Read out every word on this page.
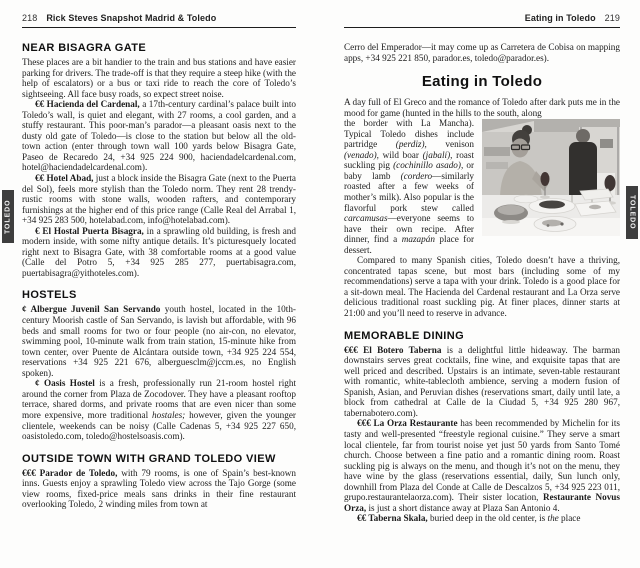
218 Rick Steves Snapshot Madrid & Toledo
NEAR BISAGRA GATE

These places are a bit handier to the train and bus stations and have easier parking for drivers. The trade-off is that they require a steep hike (with the help of escalators) or a bus or taxi ride to reach the core of Toledo’s sightseeing. All face busy roads, so expect street noise.

€€ Hacienda del Cardenal, a 17th-century cardinal’s palace built into Toledo’s wall, is quiet and elegant, with 27 rooms, a cool garden, and a stuffy restaurant. This poor-man’s parador—a pleasant oasis next to the dusty old gate of Toledo—is close to the station but below all the old-town action (enter through town wall 100 yards below Bisagra Gate, Paseo de Recaredo 24, +34 925 224 900, haciendadelcardenal.com, hotel@haciendadelcardenal.com).

€€ Hotel Abad, just a block inside the Bisagra Gate (next to the Puerta del Sol), feels more stylish than the Toledo norm. They rent 28 trendy-rustic rooms with stone walls, wooden rafters, and contemporary furnishings at the higher end of this price range (Calle Real del Arrabal 1, +34 925 283 500, hotelabad.com, info@hotelabad.com).

€ El Hostal Puerta Bisagra, in a sprawling old building, is fresh and modern inside, with some nifty antique details. It’s picturesquely located right next to Bisagra Gate, with 38 comfortable rooms at a good value (Calle del Potro 5, +34 925 285 277, puertabisagra.com, puertabisagra@yithoteles.com).

HOSTELS

¢ Albergue Juvenil San Servando youth hostel, located in the 10th-century Moorish castle of San Servando, is lavish but affordable, with 96 beds and small rooms for two or four people (no air-con, no elevator, swimming pool, 10-minute walk from train station, 15-minute hike from town center, over Puente de Alcántara outside town, +34 925 224 554, reservations +34 925 221 676, alberguesclm@jccm.es, no English spoken).

¢ Oasis Hostel is a fresh, professionally run 21-room hostel right around the corner from Plaza de Zocodover. They have a pleasant rooftop terrace, shared dorms, and private rooms that are even nicer than some more expensive, more traditional hostales; however, given the younger clientele, weekends can be noisy (Calle Cadenas 5, +34 925 227 650, oasistoledo.com, toledo@hostelsoasis.com).

OUTSIDE TOWN WITH GRAND TOLEDO VIEW

€€€ Parador de Toledo, with 79 rooms, is one of Spain’s best-known inns. Guests enjoy a sprawling Toledo view across the Tajo Gorge (some view rooms, fixed-price meals sans drinks in their fine restaurant overlooking Toledo, 2 winding miles from town at

Eating in Toledo 219

Cerro del Emperador—it may come up as Carretera de Cobisa on mapping apps, +34 925 221 850, parador.es, toledo@parador.es).

Eating in Toledo

A day full of El Greco and the romance of Toledo after dark puts me in the mood for game (hunted in the hills to the south, along

the border with La Mancha). Typical Toledo dishes include partridge (perdiz), venison (venado), wild boar (jabalí), roast suckling pig (cochinillo asado), or baby lamb (cordero—similarly roasted after a few weeks of mother’s milk). Also popular is the flavorful pork stew called carcamusas—everyone seems to have their own recipe. After dinner, find a mazapán place for dessert.

Compared to many Spanish cities, Toledo doesn’t have a thriving, concentrated tapas scene, but most bars (including some of my recommendations) serve a tapa with your drink. Toledo is a good place for a sit-down meal. The Hacienda del Cardenal restaurant and La Orza serve delicious traditional roast suckling pig. At finer places, dinner starts at 21:00 and you’ll need to reserve in advance.

MEMORABLE DINING

€€€ El Botero Taberna is a delightful little hideaway. The barman downstairs serves great cocktails, fine wine, and exquisite tapas that are well priced and described. Upstairs is an intimate, seven-table restaurant with romantic, white-tablecloth ambience, serving a modern fusion of Spanish, Asian, and Peruvian dishes (reservations smart, daily until late, a block from cathedral at Calle de la Ciudad 5, +34 925 280 967, tabernabotero.com).

€€€ La Orza Restaurante has been recommended by Michelin for its tasty and well-presented “freestyle regional cuisine.” They serve a smart local clientele, far from tourist noise yet just 50 yards from Santo Tomé church. Choose between a fine patio and a romantic dining room. Roast suckling pig is always on the menu, and though it’s not on the menu, they have wine by the glass (reservations essential, daily, Sun lunch only, downhill from Plaza del Conde at Calle de Descalzos 5, +34 925 223 011, grupo.restaurantelaorza.com). Their sister location, Restaurante Novus Orza, is just a short distance away at Plaza San Antonio 4.

€€ Taberna Skala, buried deep in the old center, is the place

TOLEDO	TOLEDO
